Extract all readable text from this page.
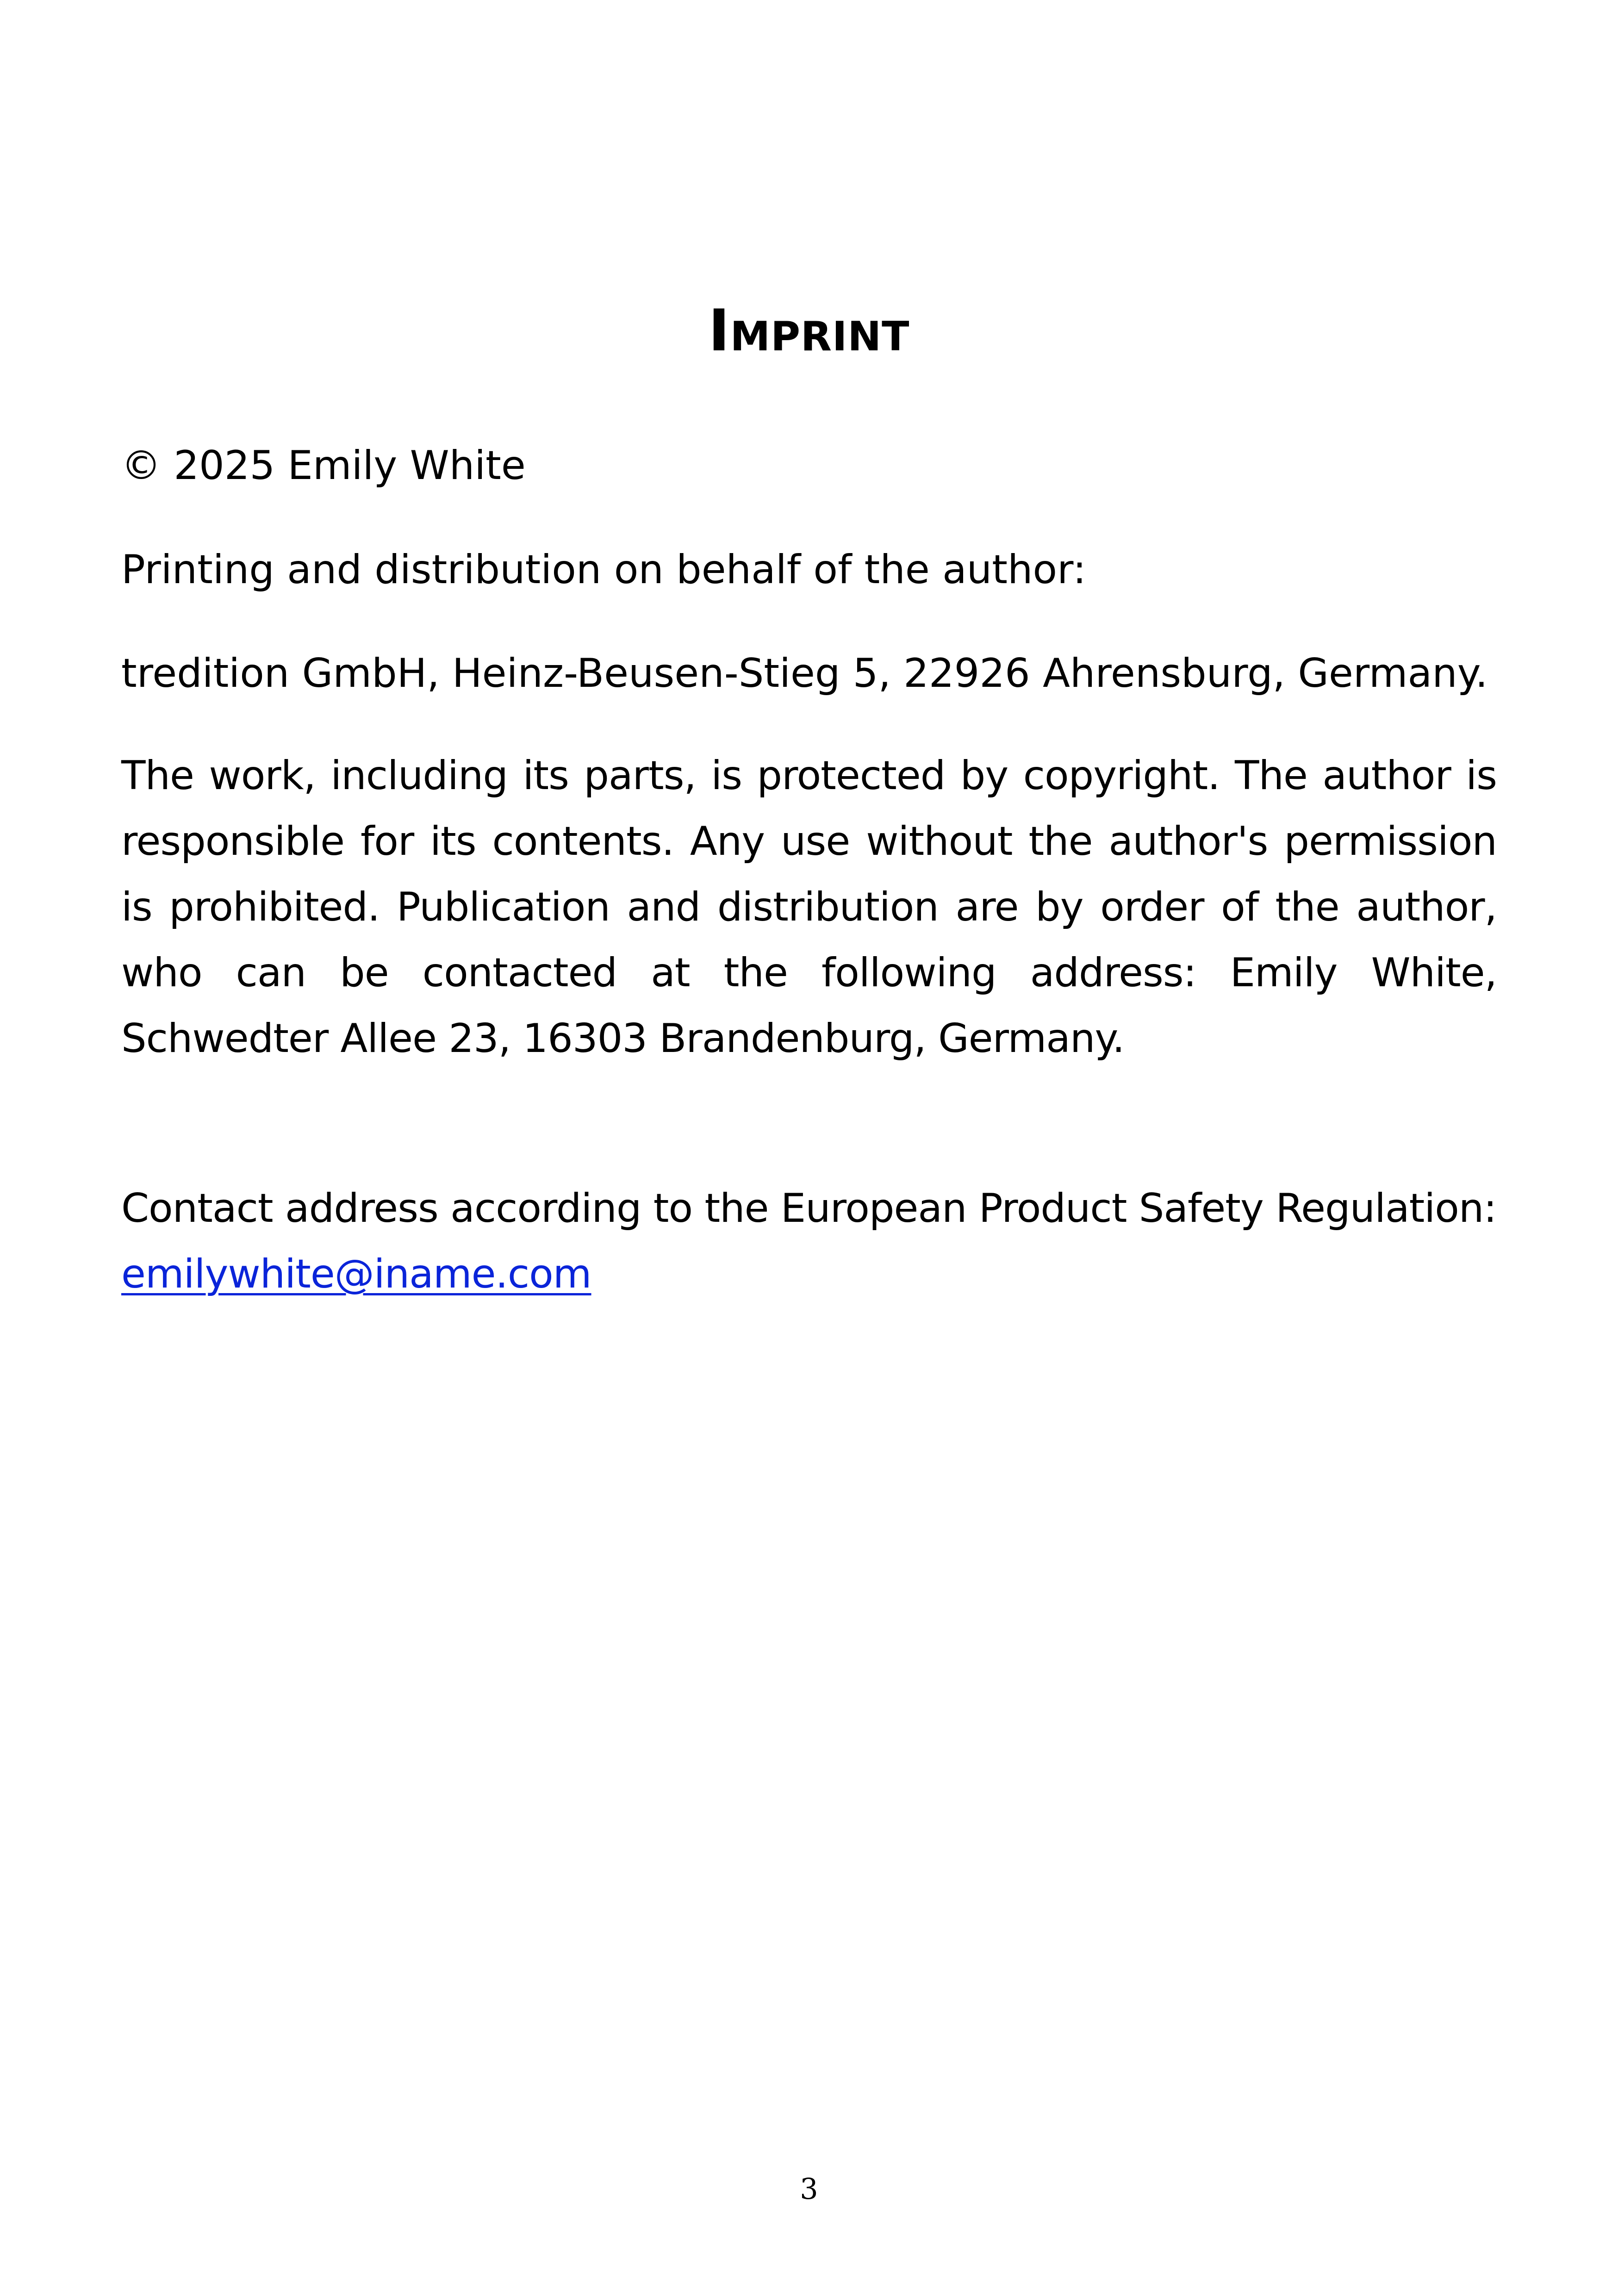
Imprint

© 2025 Emily White

Printing and distribution on behalf of the author:

tredition GmbH, Heinz-Beusen-Stieg 5, 22926 Ahrensburg, Germany.

The work, including its parts, is protected by copyright. The author is responsible for its contents. Any use without the author's permission is prohibited. Publication and distribution are by order of the author, who can be contacted at the following address: Emily White, Schwedter Allee 23, 16303 Brandenburg, Germany.

Contact address according to the European Product Safety Regulation:
emilywhite@iname.com

3
